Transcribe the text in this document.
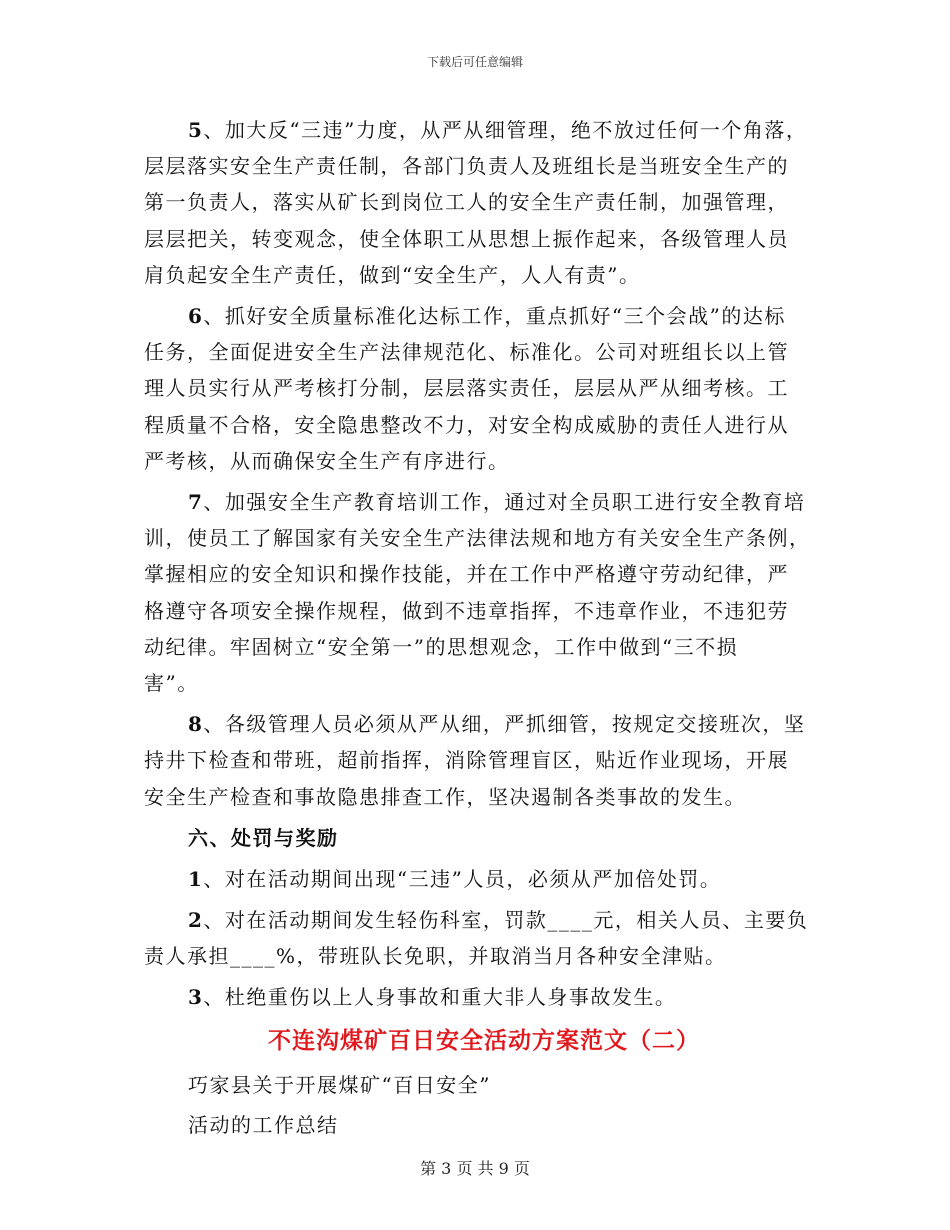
下载后可任意编辑
5、加大反“三违”力度，从严从细管理，绝不放过任何一个角落，
层层落实安全生产责任制，各部门负责人及班组长是当班安全生产的
第一负责人，落实从矿长到岗位工人的安全生产责任制，加强管理，
层层把关，转变观念，使全体职工从思想上振作起来，各级管理人员
肩负起安全生产责任，做到“安全生产，人人有责”。
6、抓好安全质量标准化达标工作，重点抓好“三个会战”的达标
任务，全面促进安全生产法律规范化、标准化。公司对班组长以上管
理人员实行从严考核打分制，层层落实责任，层层从严从细考核。工
程质量不合格，安全隐患整改不力，对安全构成威胁的责任人进行从
严考核，从而确保安全生产有序进行。
7、加强安全生产教育培训工作，通过对全员职工进行安全教育培
训，使员工了解国家有关安全生产法律法规和地方有关安全生产条例，
掌握相应的安全知识和操作技能，并在工作中严格遵守劳动纪律，严
格遵守各项安全操作规程，做到不违章指挥，不违章作业，不违犯劳
动纪律。牢固树立“安全第一”的思想观念，工作中做到“三不损
害”。
8、各级管理人员必须从严从细，严抓细管，按规定交接班次，坚
持井下检查和带班，超前指挥，消除管理盲区，贴近作业现场，开展
安全生产检查和事故隐患排查工作，坚决遏制各类事故的发生。
六、处罚与奖励
1、对在活动期间出现“三违”人员，必须从严加倍处罚。
2、对在活动期间发生轻伤科室，罚款____元，相关人员、主要负
责人承担____%，带班队长免职，并取消当月各种安全津贴。
3、杜绝重伤以上人身事故和重大非人身事故发生。
不连沟煤矿百日安全活动方案范文（二）
巧家县关于开展煤矿“百日安全”
活动的工作总结
第 3 页 共 9 页
